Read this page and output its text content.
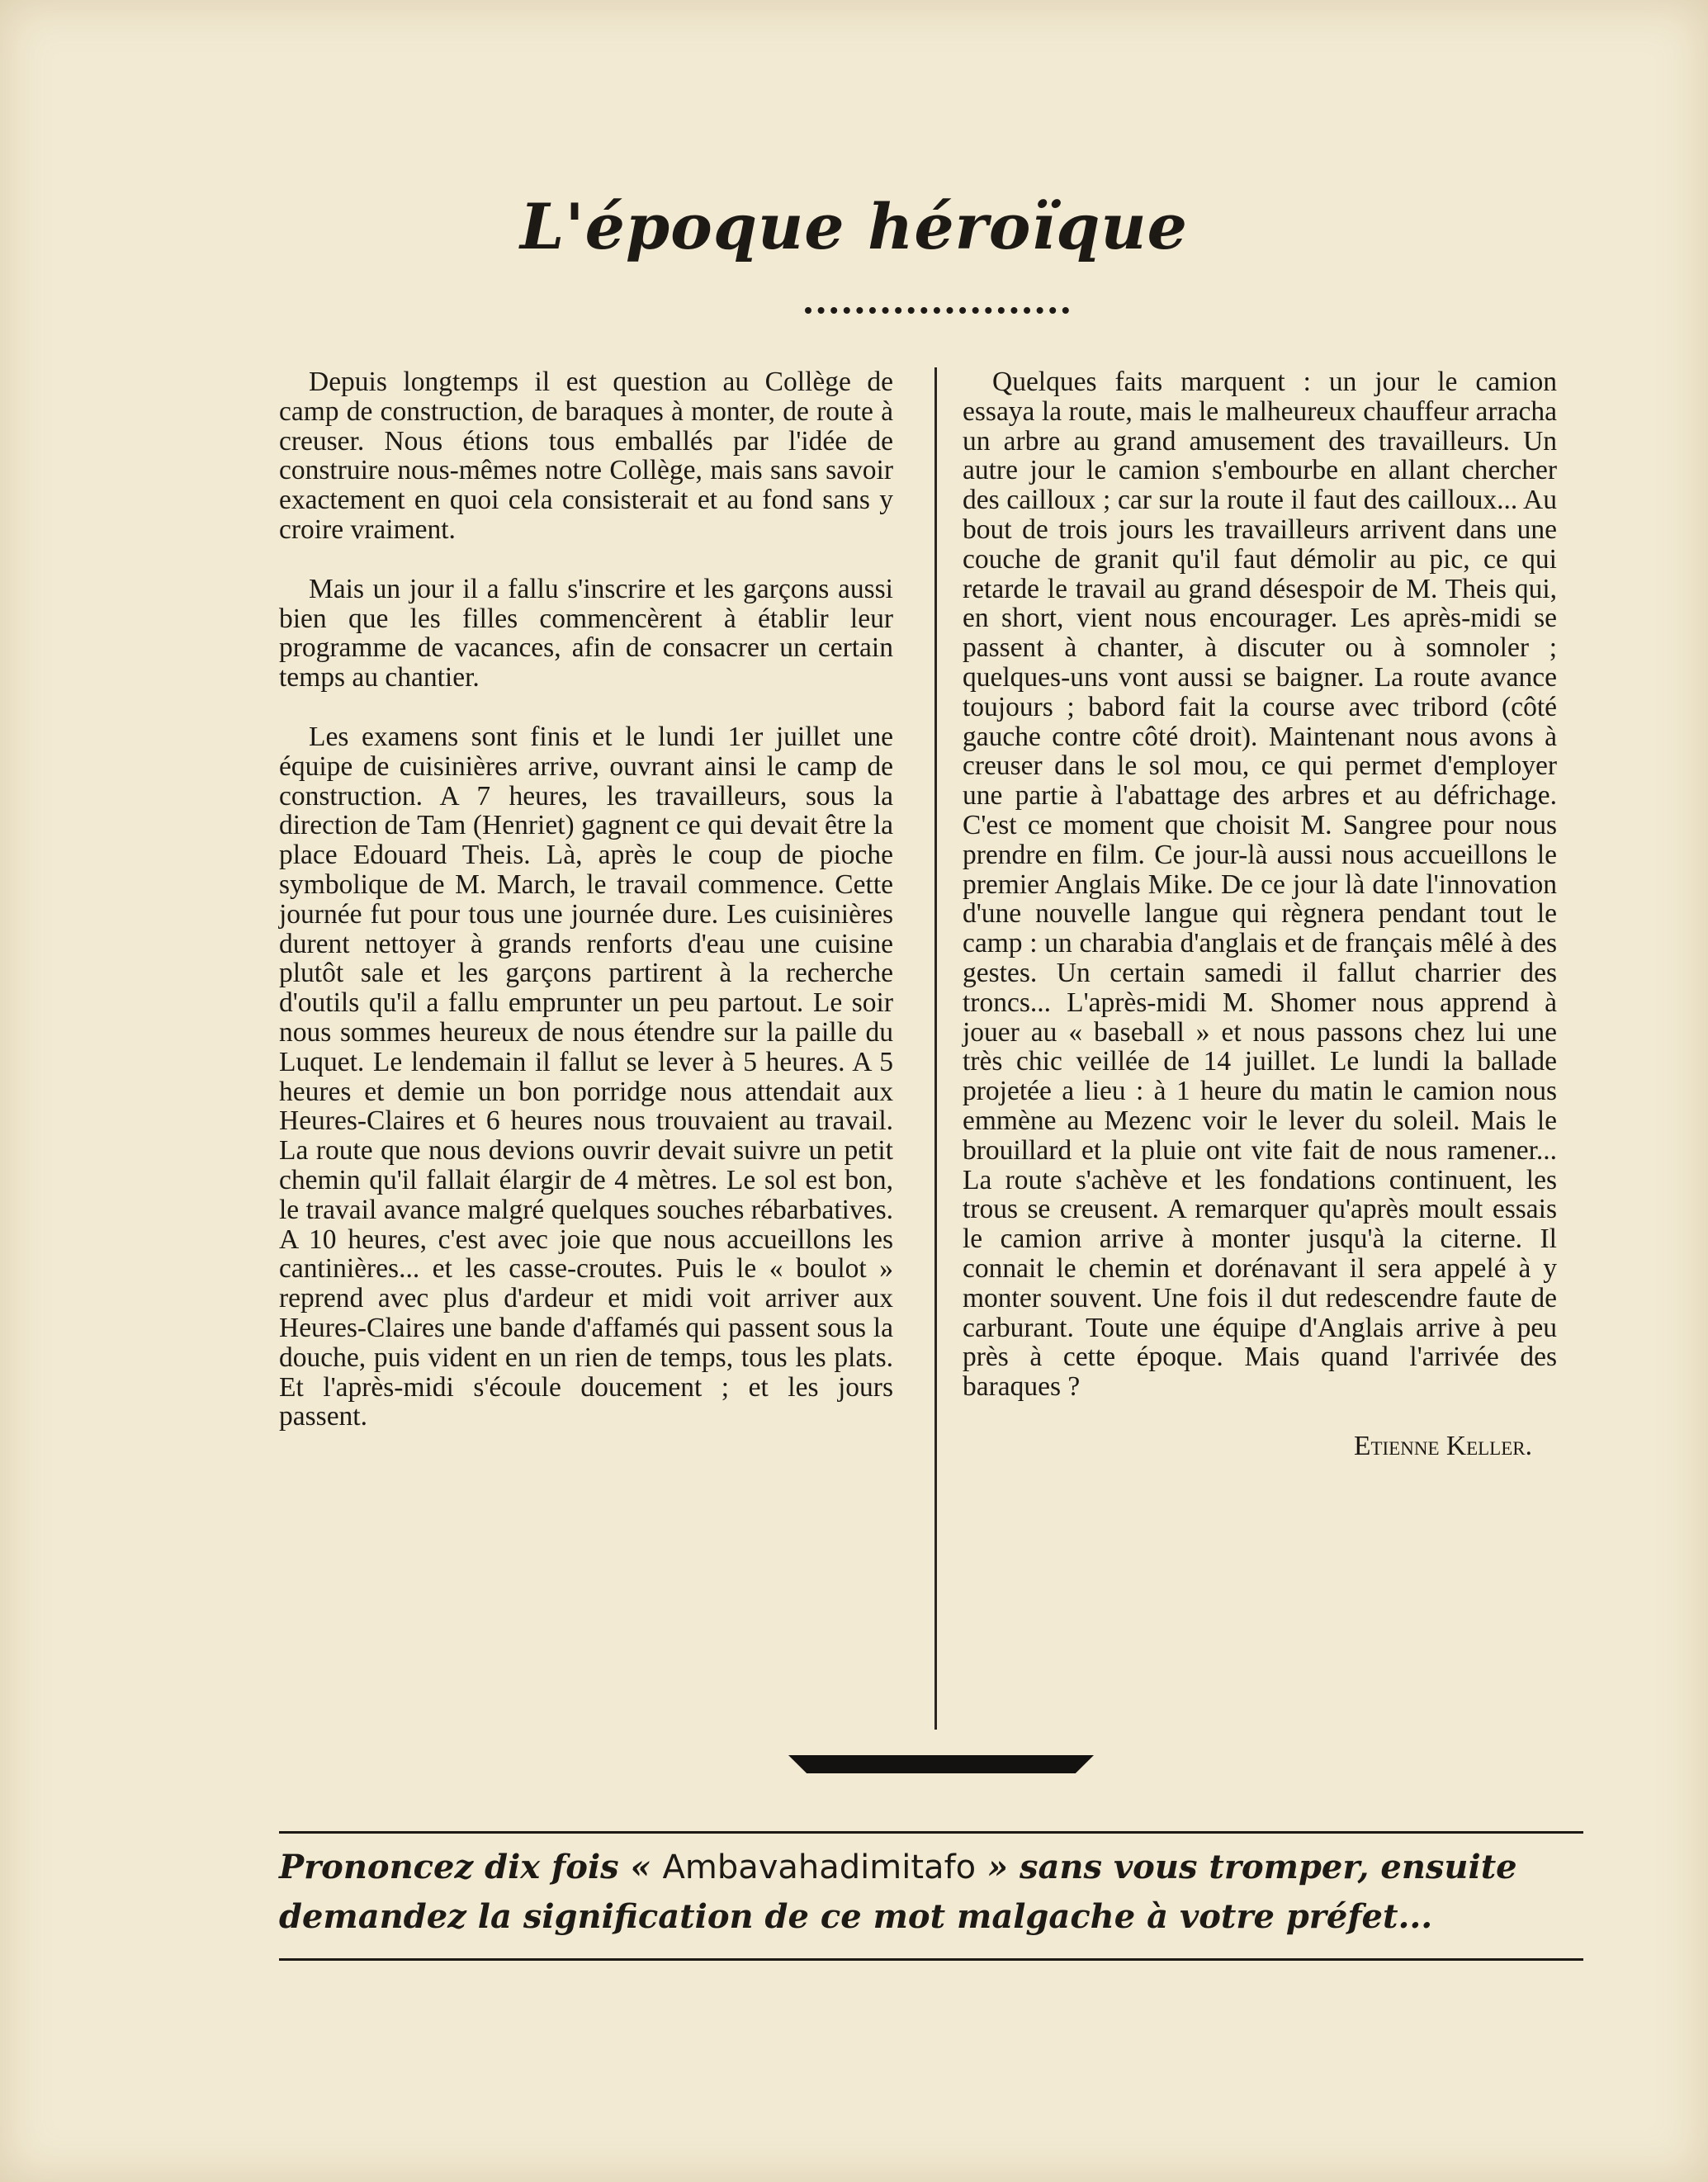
L'époque héroïque

Depuis longtemps il est question au Collège de camp de construction, de baraques à monter, de route à creuser. Nous étions tous emballés par l'idée de construire nous-mêmes notre Collège, mais sans savoir exactement en quoi cela consisterait et au fond sans y croire vraiment.

Mais un jour il a fallu s'inscrire et les garçons aussi bien que les filles commencèrent à établir leur programme de vacances, afin de consacrer un certain temps au chantier.

Les examens sont finis et le lundi 1er juillet une équipe de cuisinières arrive, ouvrant ainsi le camp de construction. A 7 heures, les travailleurs, sous la direction de Tam (Henriet) gagnent ce qui devait être la place Edouard Theis. Là, après le coup de pioche symbolique de M. March, le travail commence. Cette journée fut pour tous une journée dure. Les cuisinières durent nettoyer à grands renforts d'eau une cuisine plutôt sale et les garçons partirent à la recherche d'outils qu'il a fallu emprunter un peu partout. Le soir nous sommes heureux de nous étendre sur la paille du Luquet. Le lendemain il fallut se lever à 5 heures. A 5 heures et demie un bon porridge nous attendait aux Heures-Claires et 6 heures nous trouvaient au travail. La route que nous devions ouvrir devait suivre un petit chemin qu'il fallait élargir de 4 mètres. Le sol est bon, le travail avance malgré quelques souches rébarbatives. A 10 heures, c'est avec joie que nous accueillons les cantinières... et les casse-croutes. Puis le « boulot » reprend avec plus d'ardeur et midi voit arriver aux Heures-Claires une bande d'affamés qui passent sous la douche, puis vident en un rien de temps, tous les plats. Et l'après-midi s'écoule doucement ; et les jours passent.

Quelques faits marquent : un jour le camion essaya la route, mais le malheureux chauffeur arracha un arbre au grand amusement des travailleurs. Un autre jour le camion s'embourbe en allant chercher des cailloux ; car sur la route il faut des cailloux... Au bout de trois jours les travailleurs arrivent dans une couche de granit qu'il faut démolir au pic, ce qui retarde le travail au grand désespoir de M. Theis qui, en short, vient nous encourager. Les après-midi se passent à chanter, à discuter ou à somnoler ; quelques-uns vont aussi se baigner. La route avance toujours ; babord fait la course avec tribord (côté gauche contre côté droit). Maintenant nous avons à creuser dans le sol mou, ce qui permet d'employer une partie à l'abattage des arbres et au défrichage. C'est ce moment que choisit M. Sangree pour nous prendre en film. Ce jour-là aussi nous accueillons le premier Anglais Mike. De ce jour là date l'innovation d'une nouvelle langue qui règnera pendant tout le camp : un charabia d'anglais et de français mêlé à des gestes. Un certain samedi il fallut charrier des troncs... L'après-midi M. Shomer nous apprend à jouer au « baseball » et nous passons chez lui une très chic veillée de 14 juillet. Le lundi la ballade projetée a lieu : à 1 heure du matin le camion nous emmène au Mezenc voir le lever du soleil. Mais le brouillard et la pluie ont vite fait de nous ramener... La route s'achève et les fondations continuent, les trous se creusent. A remarquer qu'après moult essais le camion arrive à monter jusqu'à la citerne. Il connait le chemin et dorénavant il sera appelé à y monter souvent. Une fois il dut redescendre faute de carburant. Toute une équipe d'Anglais arrive à peu près à cette époque. Mais quand l'arrivée des baraques ?

Etienne Keller.

Prononcez dix fois « Ambavahadimitafo » sans vous tromper, ensuite demandez la signification de ce mot malgache à votre préfet...
